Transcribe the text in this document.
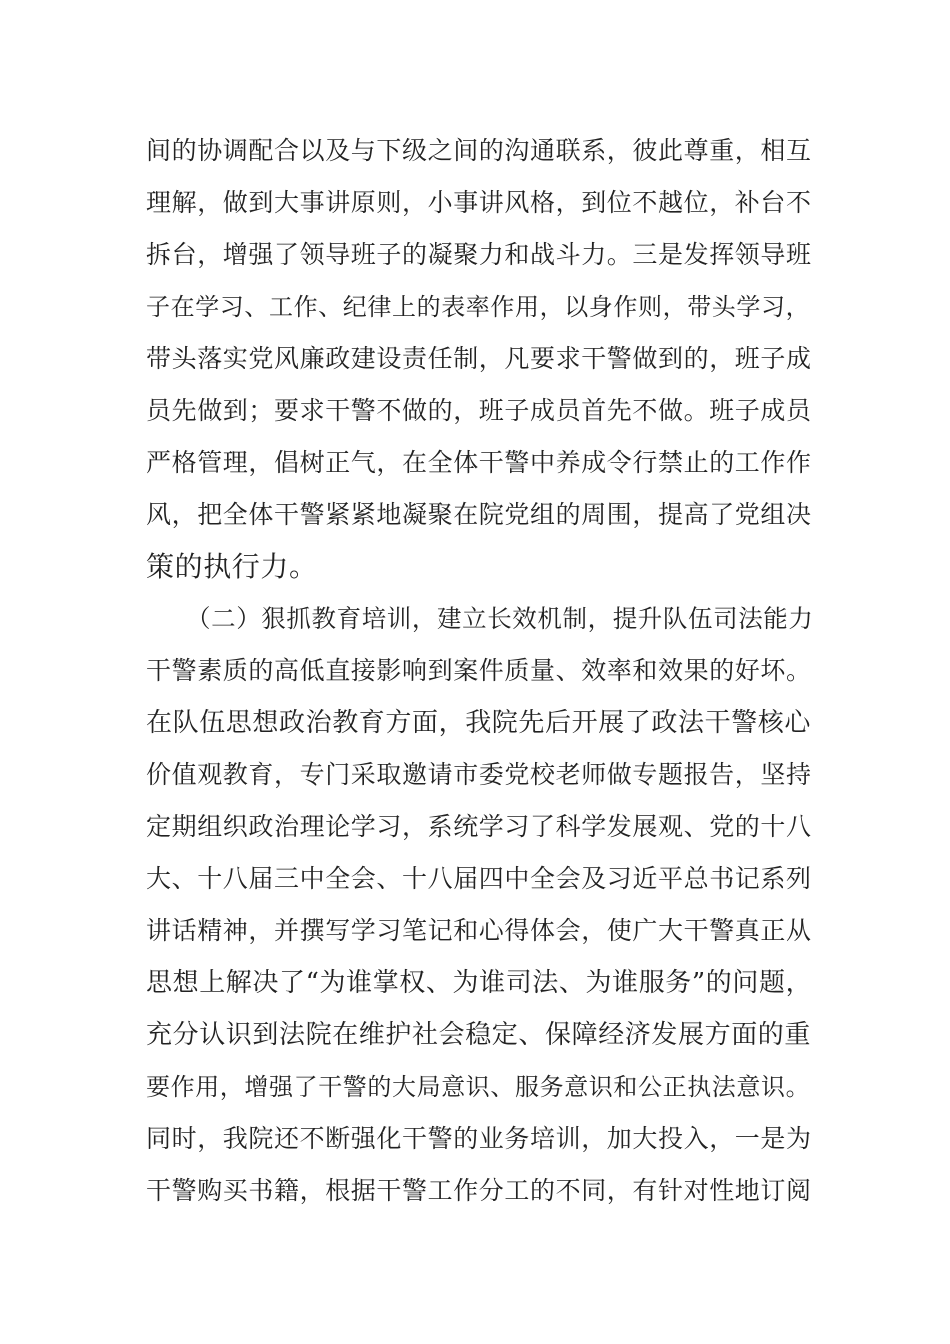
间的协调配合以及与下级之间的沟通联系，彼此尊重，相互
理解，做到大事讲原则，小事讲风格，到位不越位，补台不
拆台，增强了领导班子的凝聚力和战斗力。三是发挥领导班
子在学习、工作、纪律上的表率作用，以身作则，带头学习，
带头落实党风廉政建设责任制，凡要求干警做到的，班子成
员先做到；要求干警不做的，班子成员首先不做。班子成员
严格管理，倡树正气，在全体干警中养成令行禁止的工作作
风，把全体干警紧紧地凝聚在院党组的周围，提高了党组决
策的执行力。
（二）狠抓教育培训，建立长效机制，提升队伍司法能力
干警素质的高低直接影响到案件质量、效率和效果的好坏。
在队伍思想政治教育方面，我院先后开展了政法干警核心
价值观教育，专门采取邀请市委党校老师做专题报告，坚持
定期组织政治理论学习，系统学习了科学发展观、党的十八
大、十八届三中全会、十八届四中全会及习近平总书记系列
讲话精神，并撰写学习笔记和心得体会，使广大干警真正从
思想上解决了“为谁掌权、为谁司法、为谁服务”的问题，
充分认识到法院在维护社会稳定、保障经济发展方面的重
要作用，增强了干警的大局意识、服务意识和公正执法意识。
同时，我院还不断强化干警的业务培训，加大投入，一是为
干警购买书籍，根据干警工作分工的不同，有针对性地订阅
